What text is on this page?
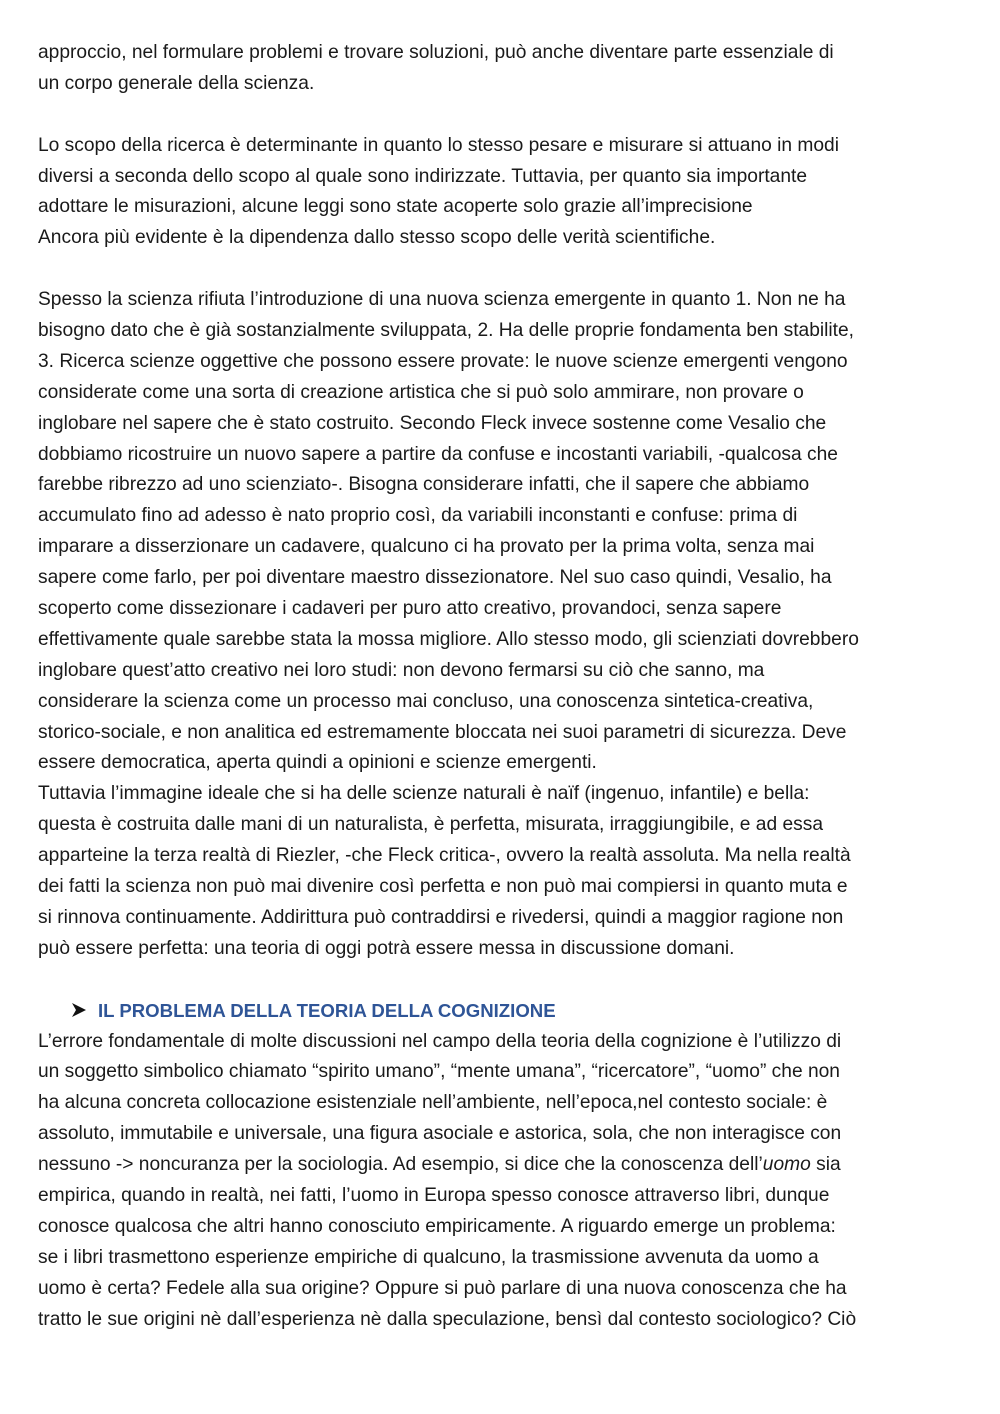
approccio, nel formulare problemi e trovare soluzioni, può anche diventare parte essenziale di
un corpo generale della scienza.
Lo scopo della ricerca è determinante in quanto lo stesso pesare e misurare si attuano in modi
diversi a seconda dello scopo al quale sono indirizzate. Tuttavia, per quanto sia importante
adottare le misurazioni, alcune leggi sono state acoperte solo grazie all’imprecisione
Ancora più evidente è la dipendenza dallo stesso scopo delle verità scientifiche.
Spesso la scienza rifiuta l’introduzione di una nuova scienza emergente in quanto 1. Non ne ha
bisogno dato che è già sostanzialmente sviluppata, 2. Ha delle proprie fondamenta ben stabilite,
3. Ricerca scienze oggettive che possono essere provate: le nuove scienze emergenti vengono
considerate come una sorta di creazione artistica che si può solo ammirare, non provare o
inglobare nel sapere che è stato costruito. Secondo Fleck invece sostenne come Vesalio che
dobbiamo ricostruire un nuovo sapere a partire da confuse e incostanti variabili, -qualcosa che
farebbe ribrezzo ad uno scienziato-. Bisogna considerare infatti, che il sapere che abbiamo
accumulato fino ad adesso è nato proprio così, da variabili inconstanti e confuse: prima di
imparare a disserzionare un cadavere, qualcuno ci ha provato per la prima volta, senza mai
sapere come farlo, per poi diventare maestro dissezionatore. Nel suo caso quindi, Vesalio, ha
scoperto come dissezionare i cadaveri per puro atto creativo, provandoci, senza sapere
effettivamente quale sarebbe stata la mossa migliore. Allo stesso modo, gli scienziati dovrebbero
inglobare quest’atto creativo nei loro studi: non devono fermarsi su ciò che sanno, ma
considerare la scienza come un processo mai concluso, una conoscenza sintetica-creativa,
storico-sociale, e non analitica ed estremamente bloccata nei suoi parametri di sicurezza. Deve
essere democratica, aperta quindi a opinioni e scienze emergenti.
Tuttavia l’immagine ideale che si ha delle scienze naturali è naïf (ingenuo, infantile) e bella:
questa è costruita dalle mani di un naturalista, è perfetta, misurata, irraggiungibile, e ad essa
apparteine la terza realtà di Riezler, -che Fleck critica-, ovvero la realtà assoluta. Ma nella realtà
dei fatti la scienza non può mai divenire così perfetta e non può mai compiersi in quanto muta e
si rinnova continuamente. Addirittura può contraddirsi e rivedersi, quindi a maggior ragione non
può essere perfetta: una teoria di oggi potrà essere messa in discussione domani.
IL PROBLEMA DELLA TEORIA DELLA COGNIZIONE
L’errore fondamentale di molte discussioni nel campo della teoria della cognizione è l’utilizzo di
un soggetto simbolico chiamato “spirito umano”, “mente umana”, “ricercatore”, “uomo” che non
ha alcuna concreta collocazione esistenziale nell’ambiente, nell’epoca,nel contesto sociale: è
assoluto, immutabile e universale, una figura asociale e astorica, sola, che non interagisce con
nessuno -> noncuranza per la sociologia. Ad esempio, si dice che la conoscenza dell’uomo sia
empirica, quando in realtà, nei fatti, l’uomo in Europa spesso conosce attraverso libri, dunque
conosce qualcosa che altri hanno conosciuto empiricamente. A riguardo emerge un problema:
se i libri trasmettono esperienze empiriche di qualcuno, la trasmissione avvenuta da uomo a
uomo è certa? Fedele alla sua origine? Oppure si può parlare di una nuova conoscenza che ha
tratto le sue origini nè dall’esperienza nè dalla speculazione, bensì dal contesto sociologico? Ciò
